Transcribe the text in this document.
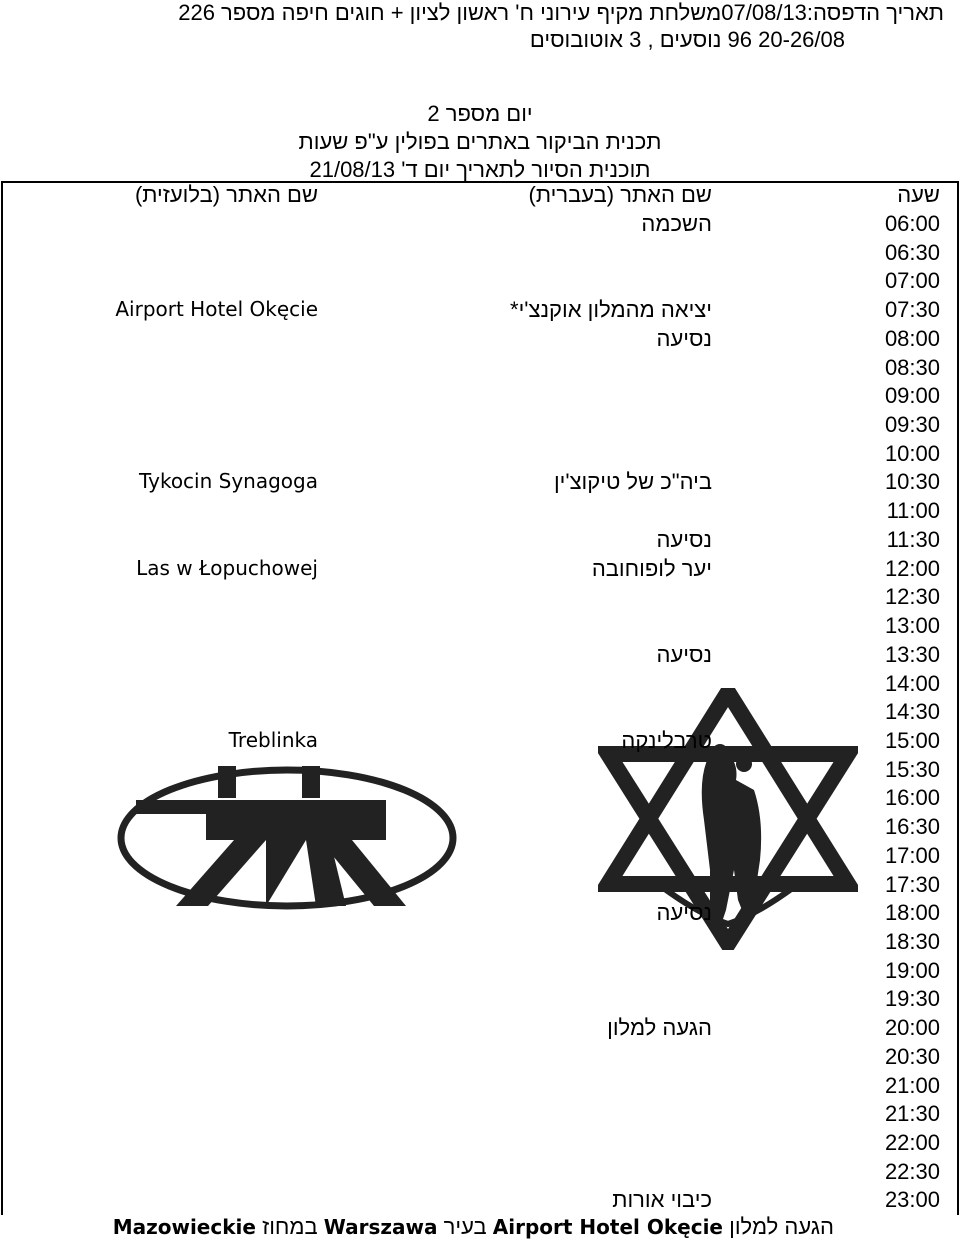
תאריך הדפסה:07/08/13משלחת מקיף עירוני ח' ראשון לציון + חוגים חיפה מספר 226
20-26/08 96 נוסעים , 3 אוטובוסים
יום מספר 2
תכנית הביקור באתרים בפולין ע"פ שעות
תוכנית הסיור לתאריך יום ד' 21/08/13
שעה
שם האתר (בעברית)
שם האתר (בלועזית)
06:00
השכמה
06:30
07:00
07:30
יציאה מהמלון אוקנצ'י*
Airport Hotel Okęcie
08:00
נסיעה
08:30
09:00
09:30
10:00
10:30
ביה"כ של טיקוצ'ין
Tykocin Synagoga
11:00
11:30
נסיעה
12:00
יער לופוחובה
Las w Łopuchowej
12:30
13:00
13:30
נסיעה
14:00
14:30
15:00
טרבלינקה
Treblinka
15:30
16:00
16:30
17:00
17:30
18:00
נסיעה
18:30
19:00
19:30
20:00
הגעה למלון
20:30
21:00
21:30
22:00
22:30
23:00
כיבוי אורות
הגעה למלון Airport Hotel Okęcie בעיר Warszawa במחוז Mazowieckie
